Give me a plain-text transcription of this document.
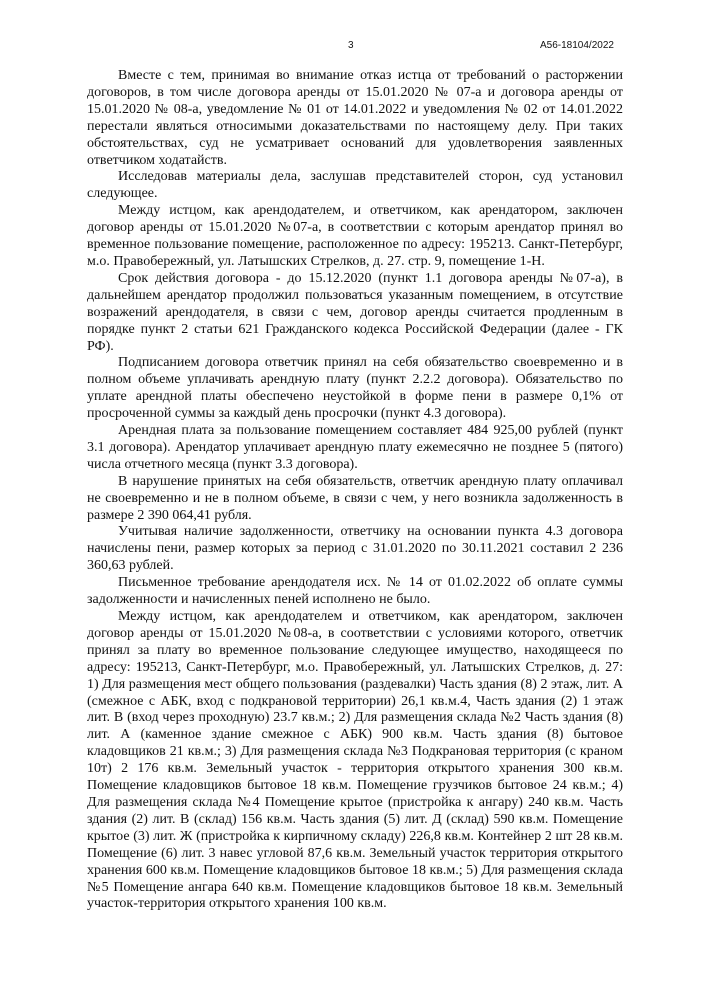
3	А56-18104/2022

Вместе с тем, принимая во внимание отказ истца от требований о расторжении договоров, в том числе договора аренды от 15.01.2020 № 07-а и договора аренды от 15.01.2020 № 08-а, уведомление № 01 от 14.01.2022 и уведомления № 02 от 14.01.2022 перестали являться относимыми доказательствами по настоящему делу. При таких обстоятельствах, суд не усматривает оснований для удовлетворения заявленных ответчиком ходатайств.

Исследовав материалы дела, заслушав представителей сторон, суд установил следующее.

Между истцом, как арендодателем, и ответчиком, как арендатором, заключен договор аренды от 15.01.2020 №07-а, в соответствии с которым арендатор принял во временное пользование помещение, расположенное по адресу: 195213. Санкт-Петербург, м.о. Правобережный, ул. Латышских Стрелков, д. 27. стр. 9, помещение 1-Н.

Срок действия договора - до 15.12.2020 (пункт 1.1 договора аренды №07-а), в дальнейшем арендатор продолжил пользоваться указанным помещением, в отсутствие возражений арендодателя, в связи с чем, договор аренды считается продленным в порядке пункт 2 статьи 621 Гражданского кодекса Российской Федерации (далее - ГК РФ).

Подписанием договора ответчик принял на себя обязательство своевременно и в полном объеме уплачивать арендную плату (пункт 2.2.2 договора). Обязательство по уплате арендной платы обеспечено неустойкой в форме пени в размере 0,1% от просроченной суммы за каждый день просрочки (пункт 4.3 договора).

Арендная плата за пользование помещением составляет 484 925,00 рублей (пункт 3.1 договора). Арендатор уплачивает арендную плату ежемесячно не позднее 5 (пятого) числа отчетного месяца (пункт 3.3 договора).

В нарушение принятых на себя обязательств, ответчик арендную плату оплачивал не своевременно и не в полном объеме, в связи с чем, у него возникла задолженность в размере 2 390 064,41 рубля.

Учитывая наличие задолженности, ответчику на основании пункта 4.3 договора начислены пени, размер которых за период с 31.01.2020 по 30.11.2021 составил 2 236 360,63 рублей.

Письменное требование арендодателя исх. № 14 от 01.02.2022 об оплате суммы задолженности и начисленных пеней исполнено не было.

Между истцом, как арендодателем и ответчиком, как арендатором, заключен договор аренды от 15.01.2020 №08-а, в соответствии с условиями которого, ответчик принял за плату во временное пользование следующее имущество, находящееся по адресу: 195213, Санкт-Петербург, м.о. Правобережный, ул. Латышских Стрелков, д. 27: 1) Для размещения мест общего пользования (раздевалки) Часть здания (8) 2 этаж, лит. А (смежное с АБК, вход с подкрановой территории) 26,1 кв.м.4, Часть здания (2) 1 этаж лит. В (вход через проходную) 23.7 кв.м.; 2) Для размещения склада №2 Часть здания (8) лит. А (каменное здание смежное с АБК) 900 кв.м. Часть здания (8) бытовое кладовщиков 21 кв.м.; 3) Для размещения склада №3 Подкрановая территория (с краном 10т) 2 176 кв.м. Земельный участок - территория открытого хранения 300 кв.м. Помещение кладовщиков бытовое 18 кв.м. Помещение грузчиков бытовое 24 кв.м.; 4) Для размещения склада №4 Помещение крытое (пристройка к ангару) 240 кв.м. Часть здания (2) лит. В (склад) 156 кв.м. Часть здания (5) лит. Д (склад) 590 кв.м. Помещение крытое (3) лит. Ж (пристройка к кирпичному складу) 226,8 кв.м. Контейнер 2 шт 28 кв.м. Помещение (6) лит. 3 навес угловой 87,6 кв.м. Земельный участок территория открытого хранения 600 кв.м. Помещение кладовщиков бытовое 18 кв.м.; 5) Для размещения склада №5 Помещение ангара 640 кв.м. Помещение кладовщиков бытовое 18 кв.м. Земельный участок-территория открытого хранения 100 кв.м.
